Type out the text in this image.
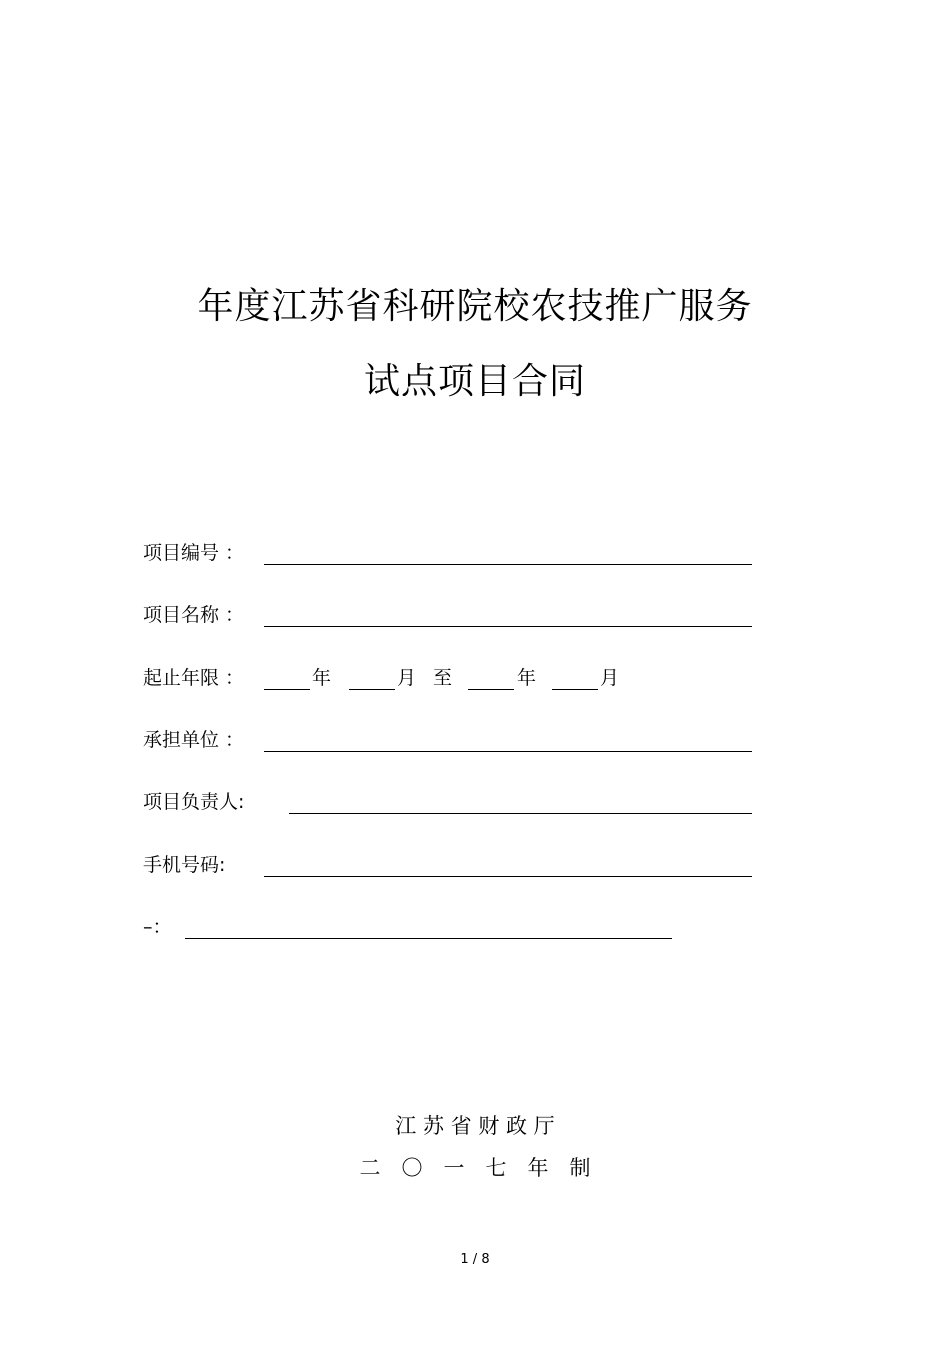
年度江苏省科研院校农技推广服务
试点项目合同
项目编号 ：
项目名称 ：
起止年限 ：	年	月 至	年	月
承担单位 ：
项目负责人:
手机号码:
–：
江 苏 省 财 政 厅
二　〇　一　七　年　制
1 / 8
